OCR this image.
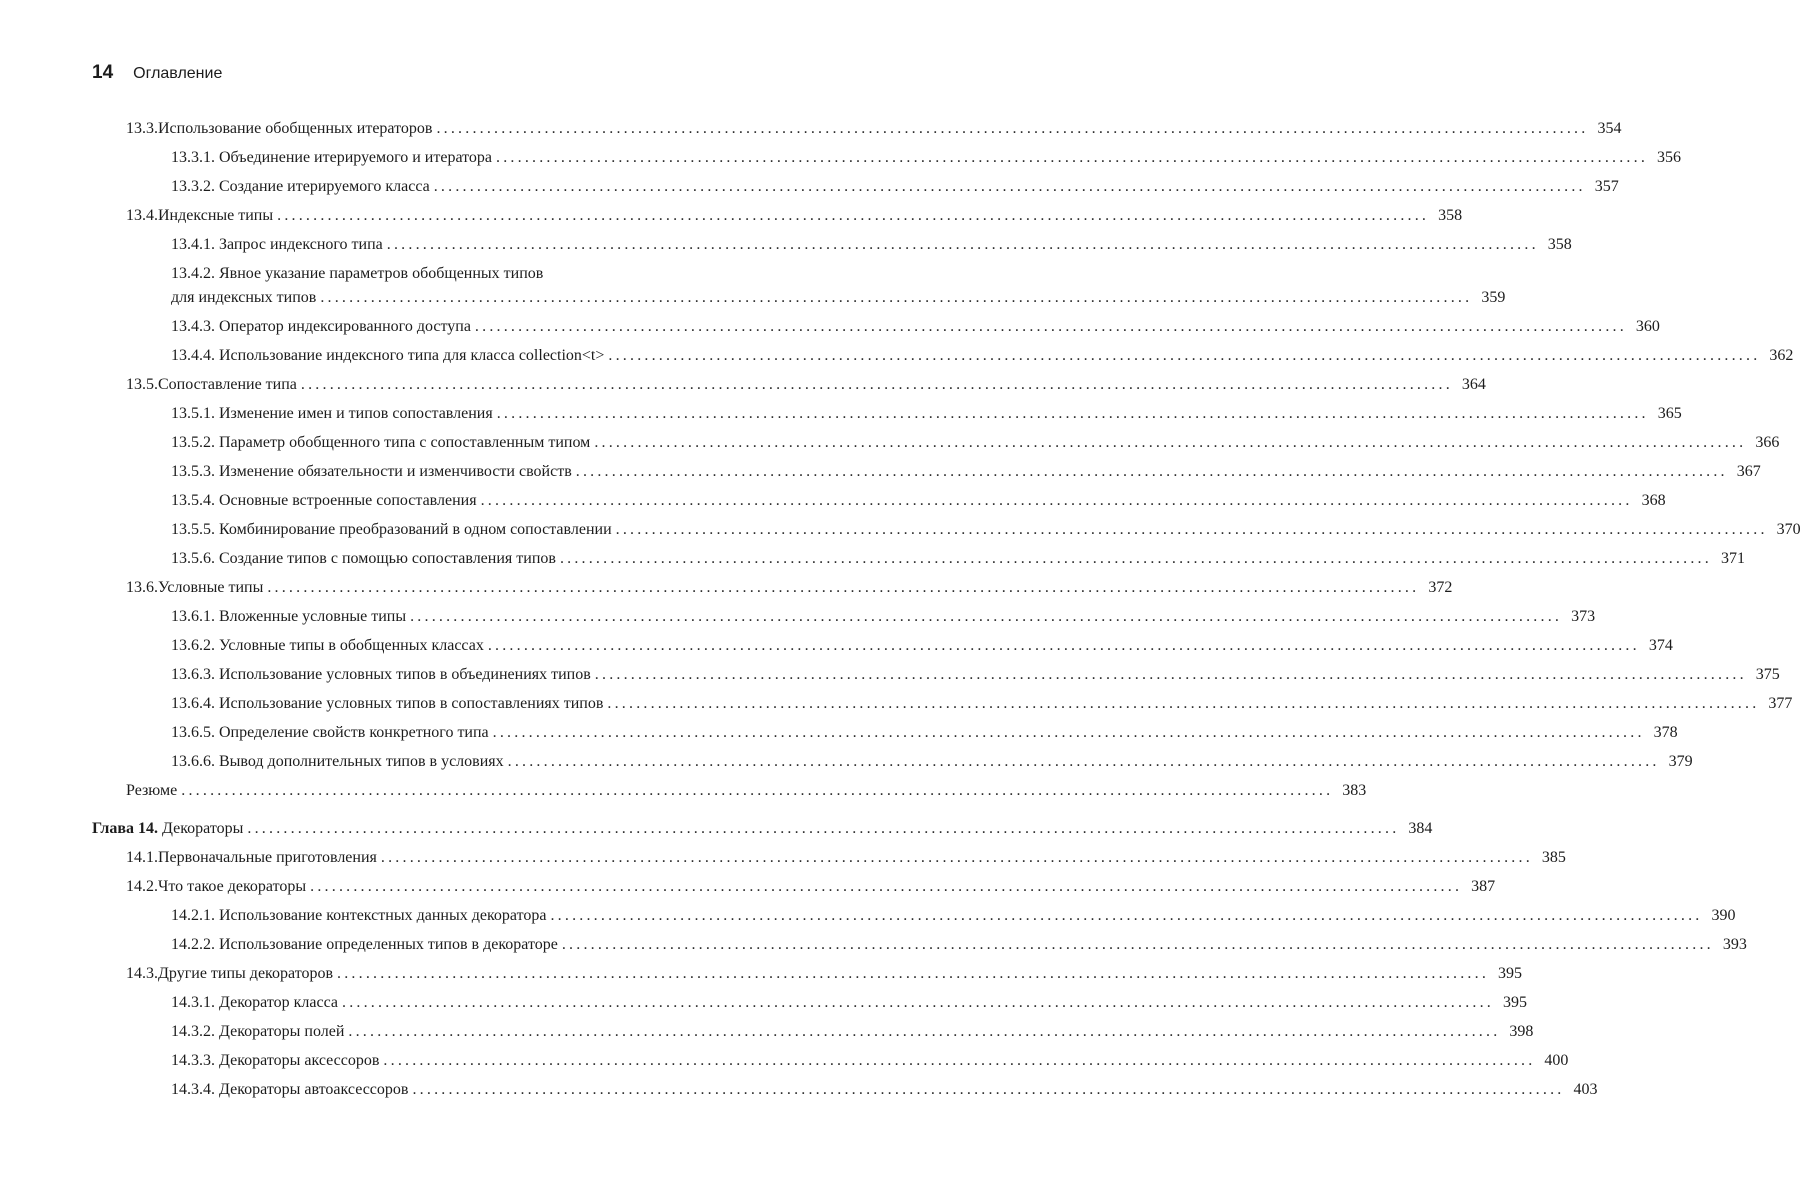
14 Оглавление
13.3. Использование обобщенных итераторов ................................................................................................................................................................ 354
13.3.1. Объединение итерируемого и итератора ................................................................................................................................................................ 356
13.3.2. Создание итерируемого класса ................................................................................................................................................................ 357
13.4. Индексные типы ................................................................................................................................................................ 358
13.4.1. Запрос индексного типа ................................................................................................................................................................ 358
13.4.2. Явное указание параметров обобщенных типов
для индексных типов ................................................................................................................................................................ 359
13.4.3. Оператор индексированного доступа ................................................................................................................................................................ 360
13.4.4. Использование индексного типа для класса collection<t> ................................................................................................................................................................ 362
13.5. Сопоставление типа ................................................................................................................................................................ 364
13.5.1. Изменение имен и типов сопоставления ................................................................................................................................................................ 365
13.5.2. Параметр обобщенного типа с сопоставленным типом ................................................................................................................................................................ 366
13.5.3. Изменение обязательности и изменчивости свойств ................................................................................................................................................................ 367
13.5.4. Основные встроенные сопоставления ................................................................................................................................................................ 368
13.5.5. Комбинирование преобразований в одном сопоставлении ................................................................................................................................................................ 370
13.5.6. Создание типов с помощью сопоставления типов ................................................................................................................................................................ 371
13.6. Условные типы ................................................................................................................................................................ 372
13.6.1. Вложенные условные типы ................................................................................................................................................................ 373
13.6.2. Условные типы в обобщенных классах ................................................................................................................................................................ 374
13.6.3. Использование условных типов в объединениях типов ................................................................................................................................................................ 375
13.6.4. Использование условных типов в сопоставлениях типов ................................................................................................................................................................ 377
13.6.5. Определение свойств конкретного типа ................................................................................................................................................................ 378
13.6.6. Вывод дополнительных типов в условиях ................................................................................................................................................................ 379
Резюме ................................................................................................................................................................ 383
Глава 14. Декораторы ................................................................................................................................................................ 384
14.1. Первоначальные приготовления ................................................................................................................................................................ 385
14.2. Что такое декораторы ................................................................................................................................................................ 387
14.2.1. Использование контекстных данных декоратора ................................................................................................................................................................ 390
14.2.2. Использование определенных типов в декораторе ................................................................................................................................................................ 393
14.3. Другие типы декораторов ................................................................................................................................................................ 395
14.3.1. Декоратор класса ................................................................................................................................................................ 395
14.3.2. Декораторы полей ................................................................................................................................................................ 398
14.3.3. Декораторы аксессоров ................................................................................................................................................................ 400
14.3.4. Декораторы автоаксессоров ................................................................................................................................................................ 403
